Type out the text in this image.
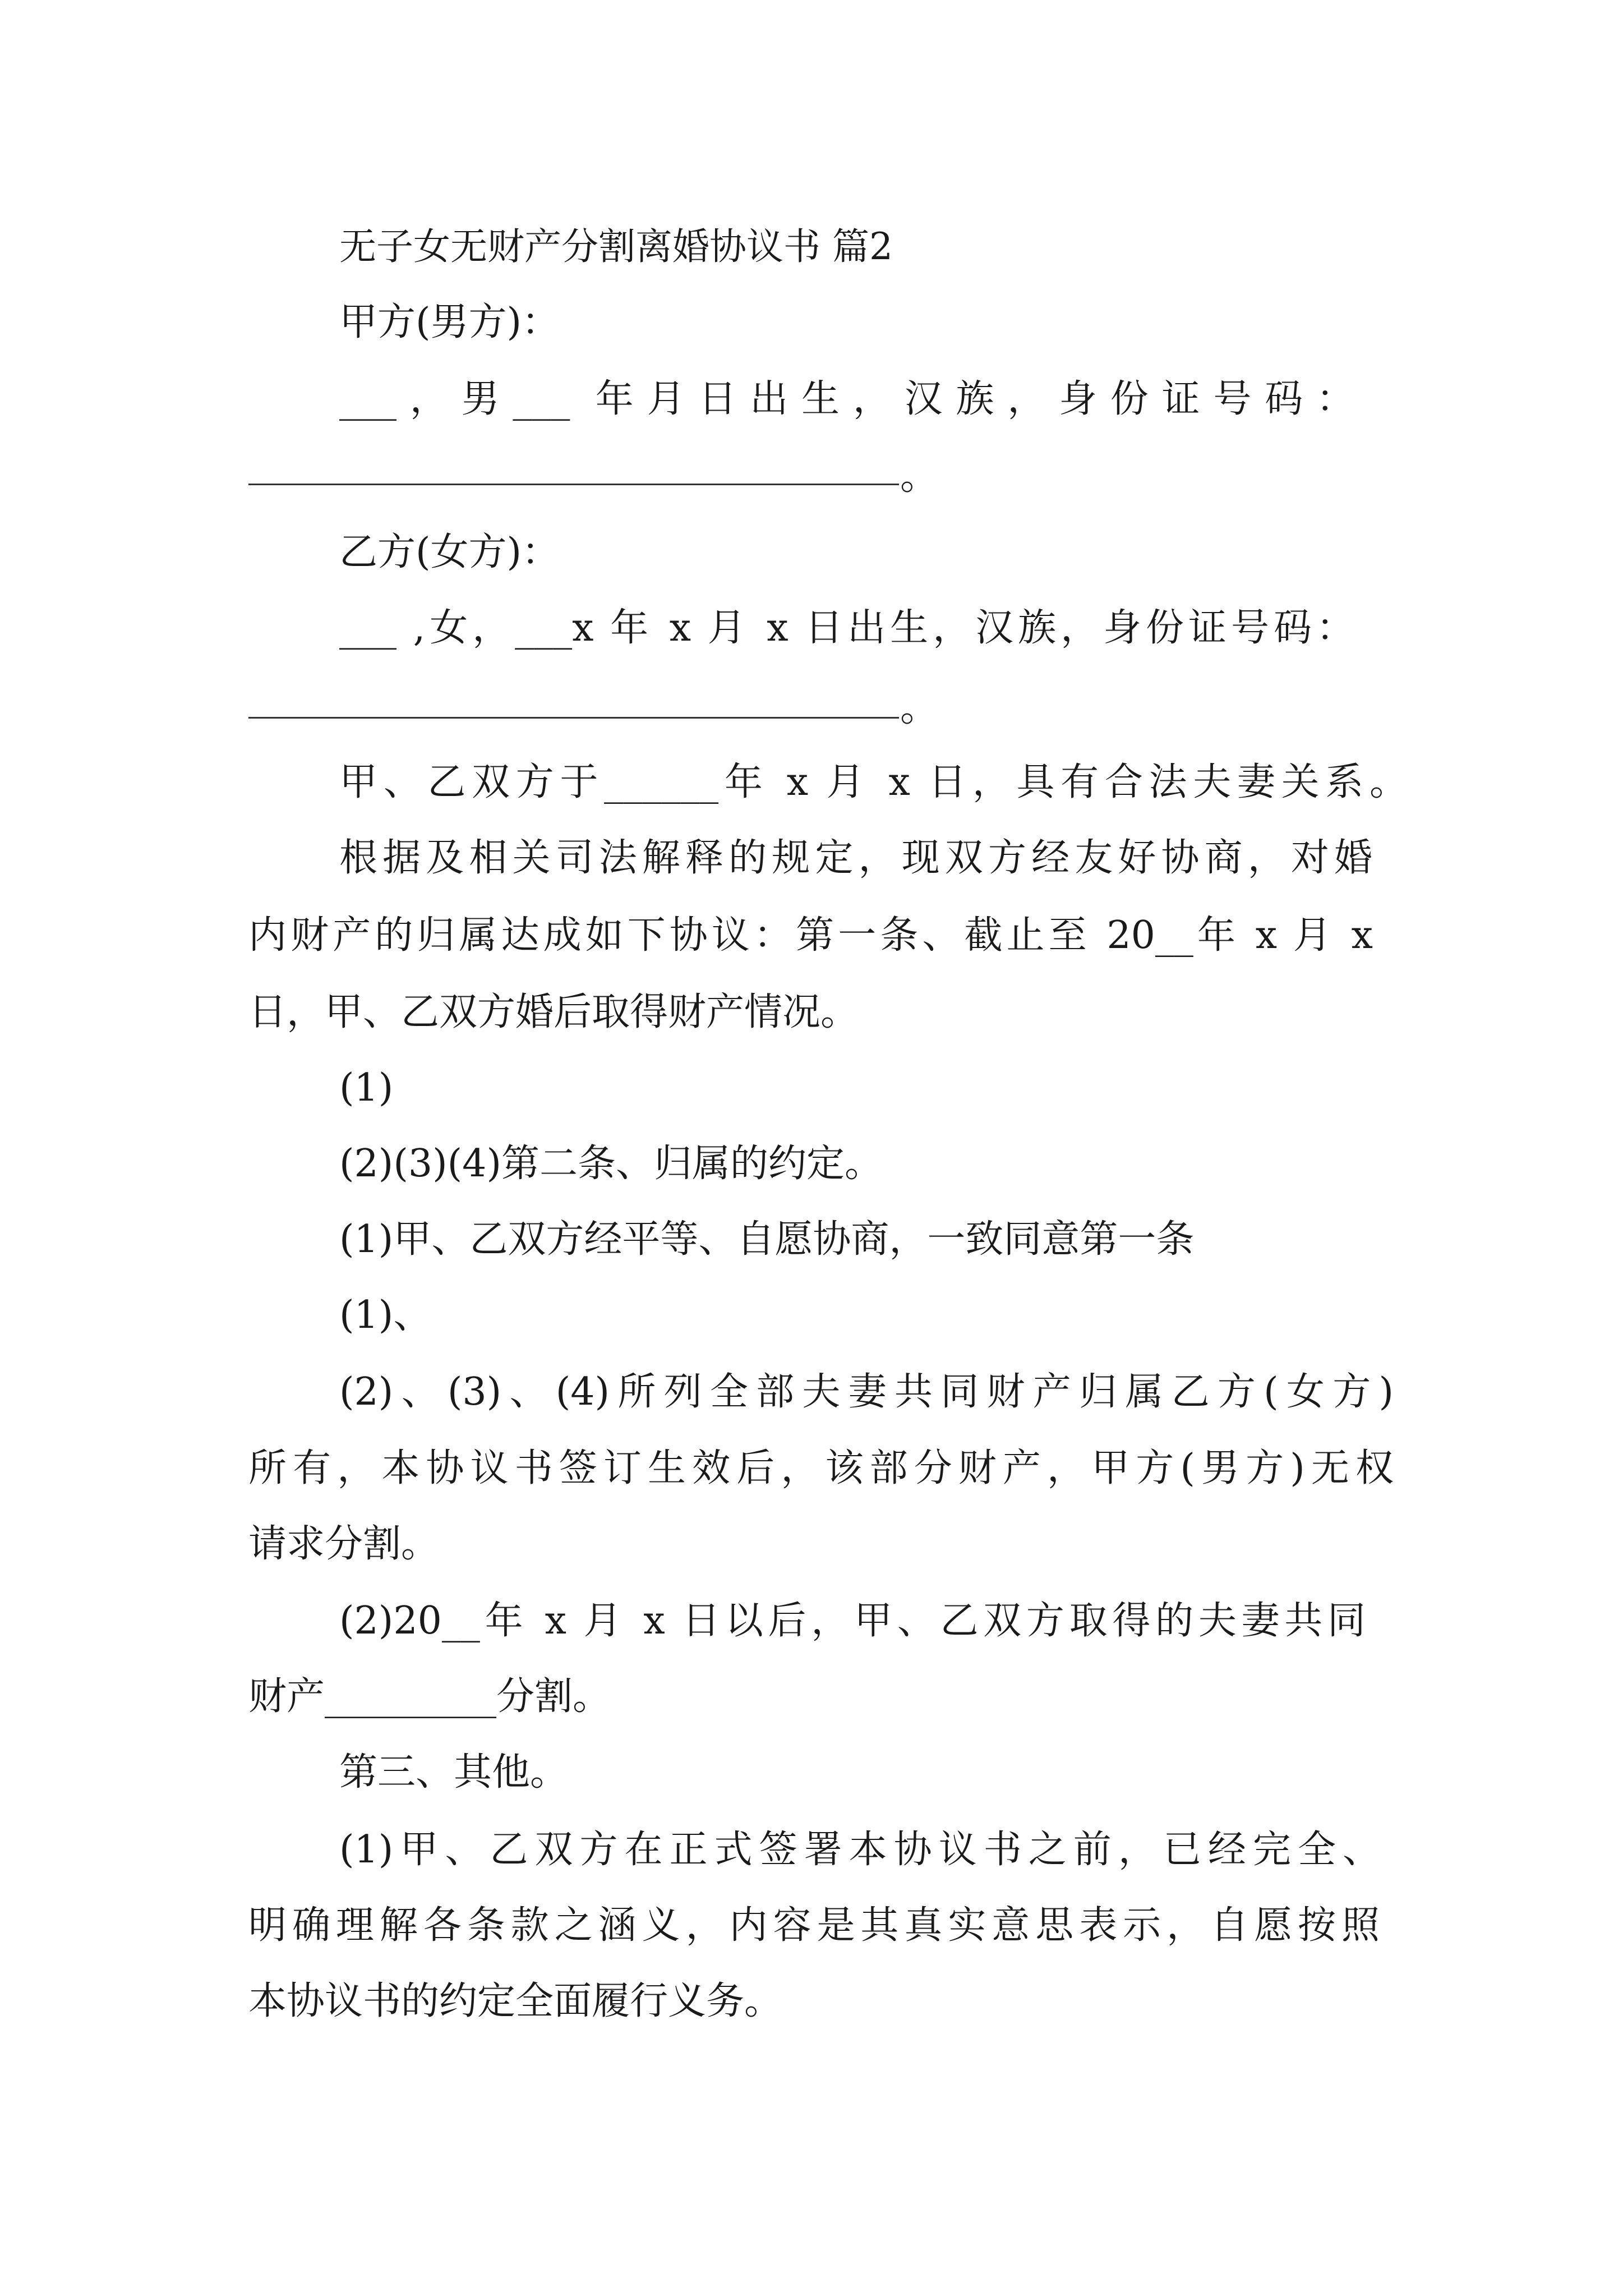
无子女无财产分割离婚协议书 篇2
甲方(男方)：
___，男___ 年月日出生，汉族，身份证号码：
。
乙方(女方)：
___ ,女，___x 年 x 月 x 日出生，汉族，身份证号码：
。
甲、乙双方于______年 x 月 x 日，具有合法夫妻关系。
根据及相关司法解释的规定，现双方经友好协商，对婚
内财产的归属达成如下协议：第一条、截止至 20__年 x 月 x
日，甲、乙双方婚后取得财产情况。
(1)
(2)(3)(4)第二条、归属的约定。
(1)甲、乙双方经平等、自愿协商，一致同意第一条
(1)、
(2)、(3)、(4)所列全部夫妻共同财产归属乙方(女方)
所有，本协议书签订生效后，该部分财产，甲方(男方)无权
请求分割。
(2)20__年 x 月 x 日以后，甲、乙双方取得的夫妻共同
财产_________分割。
第三、其他。
(1)甲、乙双方在正式签署本协议书之前，已经完全、
明确理解各条款之涵义，内容是其真实意思表示，自愿按照
本协议书的约定全面履行义务。
